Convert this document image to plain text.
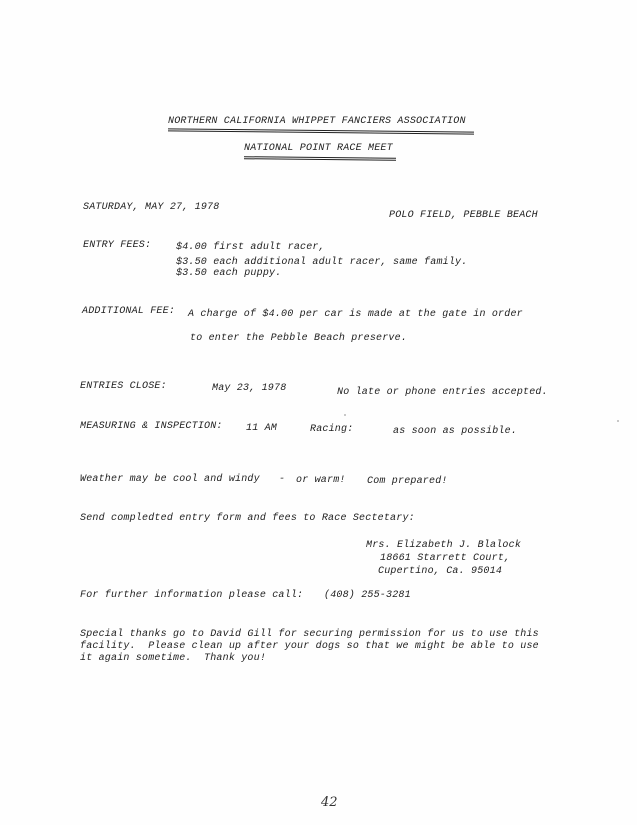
NORTHERN CALIFORNIA WHIPPET FANCIERS ASSOCIATION
NATIONAL POINT RACE MEET
SATURDAY, MAY 27, 1978
POLO FIELD, PEBBLE BEACH
ENTRY FEES: $4.00 first adult racer,
$3.50 each additional adult racer, same family.
$3.50 each puppy.
ADDITIONAL FEE: A charge of $4.00 per car is made at the gate in order
to enter the Pebble Beach preserve.
ENTRIES CLOSE:	May 23, 1978	No late or phone entries accepted.
MEASURING & INSPECTION: 11 AM	Racing:	as soon as possible.
Weather may be cool and windy - or warm! Com prepared!
Send compledted entry form and fees to Race Sectetary:
Mrs. Elizabeth J. Blalock
18661 Starrett Court,
Cupertino, Ca. 95014
For further information please call: (408) 255-3281
Special thanks go to David Gill for securing permission for us to use this
facility.  Please clean up after your dogs so that we might be able to use
it again sometime.  Thank you!
42
